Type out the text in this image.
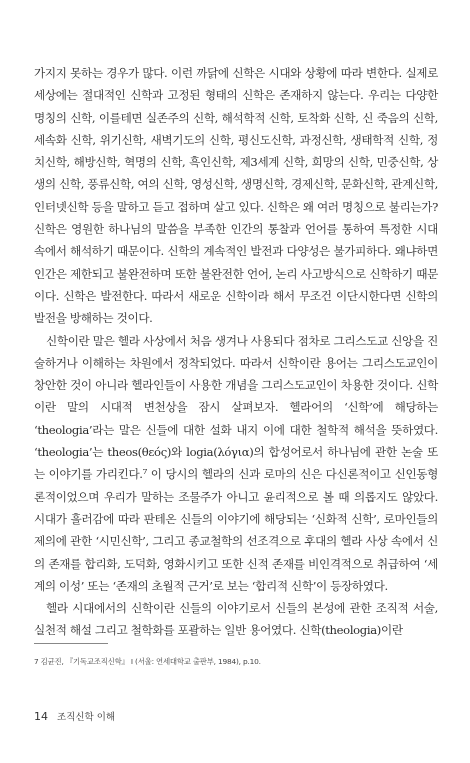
가지지 못하는 경우가 많다. 이런 까닭에 신학은 시대와 상황에 따라 변한다. 실제로 세상에는 절대적인 신학과 고정된 형태의 신학은 존재하지 않는다. 우리는 다양한 명칭의 신학, 이를테면 실존주의 신학, 해석학적 신학, 토착화 신학, 신 죽음의 신학, 세속화 신학, 위기신학, 새벽기도의 신학, 평신도신학, 과정신학, 생태학적 신학, 정치신학, 해방신학, 혁명의 신학, 흑인신학, 제3세계 신학, 희망의 신학, 민중신학, 상생의 신학, 풍류신학, 여의 신학, 영성신학, 생명신학, 경제신학, 문화신학, 관계신학, 인터넷신학 등을 말하고 듣고 접하며 살고 있다. 신학은 왜 여러 명칭으로 불리는가? 신학은 영원한 하나님의 말씀을 부족한 인간의 통찰과 언어를 통하여 특정한 시대 속에서 해석하기 때문이다. 신학의 계속적인 발전과 다양성은 불가피하다. 왜냐하면 인간은 제한되고 불완전하며 또한 불완전한 언어, 논리 사고방식으로 신학하기 때문이다. 신학은 발전한다. 따라서 새로운 신학이라 해서 무조건 이단시한다면 신학의 발전을 방해하는 것이다.

신학이란 말은 헬라 사상에서 처음 생겨나 사용되다 점차로 그리스도교 신앙을 진술하거나 이해하는 차원에서 정착되었다. 따라서 신학이란 용어는 그리스도교인이 창안한 것이 아니라 헬라인들이 사용한 개념을 그리스도교인이 차용한 것이다. 신학이란 말의 시대적 변천상을 잠시 살펴보자. 헬라어의 ‘신학’에 해당하는 ‘theologia’라는 말은 신들에 대한 설화 내지 이에 대한 철학적 해석을 뜻하였다. ‘theologia’는 theos(θεός)와 logia(λόγια)의 합성어로서 하나님에 관한 논술 또는 이야기를 가리킨다.⁷ 이 당시의 헬라의 신과 로마의 신은 다신론적이고 신인동형론적이었으며 우리가 말하는 조물주가 아니고 윤리적으로 볼 때 의롭지도 않았다. 시대가 흘러감에 따라 판테온 신들의 이야기에 해당되는 ‘신화적 신학’, 로마인들의 제의에 관한 ‘시민신학’, 그리고 종교철학의 선조격으로 후대의 헬라 사상 속에서 신의 존재를 합리화, 도덕화, 영화시키고 또한 신적 존재를 비인격적으로 취급하여 ‘세계의 이성’ 또는 ‘존재의 초월적 근거’로 보는 ‘합리적 신학’이 등장하였다.

헬라 시대에서의 신학이란 신들의 이야기로서 신들의 본성에 관한 조직적 서술, 실천적 해설 그리고 철학화를 포괄하는 일반 용어였다. 신학(theologia)이란

7 김균진, 『기독교조직신학』 I (서울: 연세대학교 출판부, 1984), p.10.
14 조직신학 이해
